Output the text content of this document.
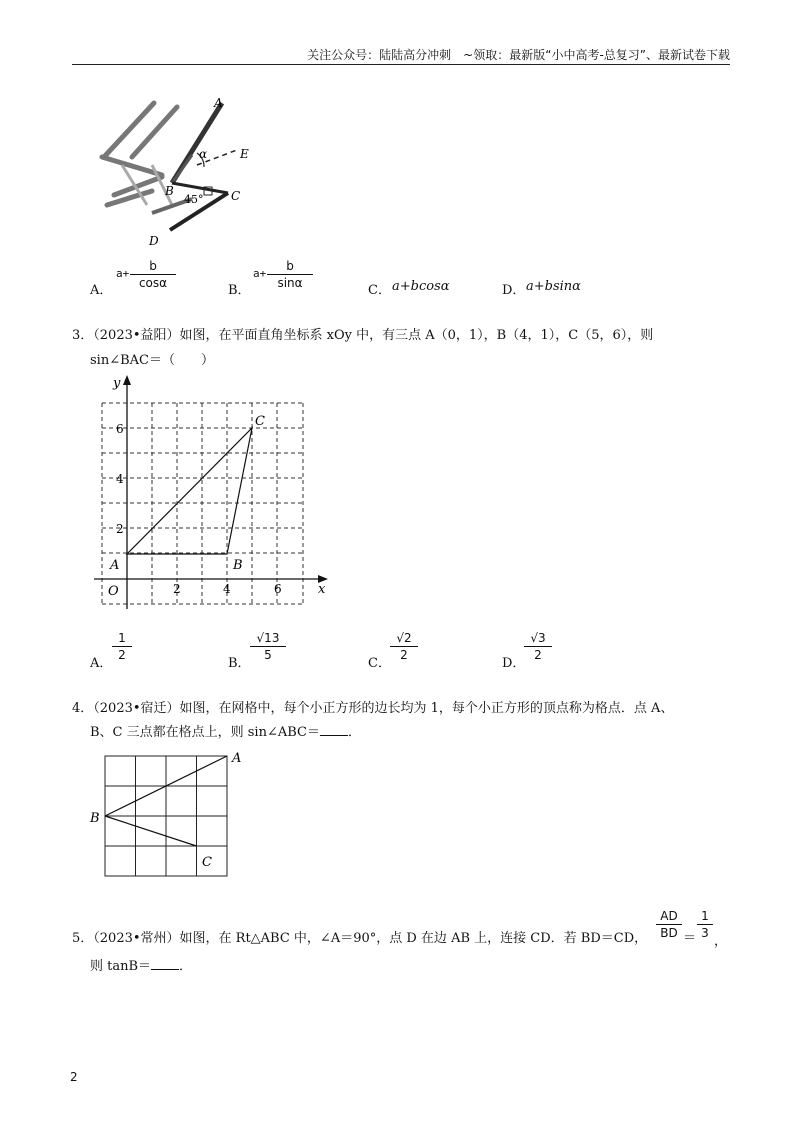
关注公众号：陆陆高分冲刺　~领取：最新版“小中高考-总复习”、最新试卷下载
A
E
α
B
45° C
D
A．
a+
b
cosα	B．
a+
b
sinα	C． a+bcosα	D． a+bsinα
3．（2023•益阳）如图，在平面直角坐标系 xOy 中，有三点 A（0，1），B（4，1），C（5，6），则
sin∠BAC＝（　　）
y
x
O
2
4
6
2	4	6
A	B
C
A．
1
2
B．
√13
5
C．
√2
2
D．
√3
2
4．（2023•宿迁）如图，在网格中，每个小正方形的边长均为 1，每个小正方形的顶点称为格点．点 A、
B、C 三点都在格点上，则 sin∠ABC＝ ．
A
B
C
5．（2023•常州）如图，在 Rt△ABC 中，∠A＝90°，点 D 在边 AB 上，连接 CD．若 BD＝CD，
AD
BD ＝
1
3
，
则 tanB＝ ．
2
